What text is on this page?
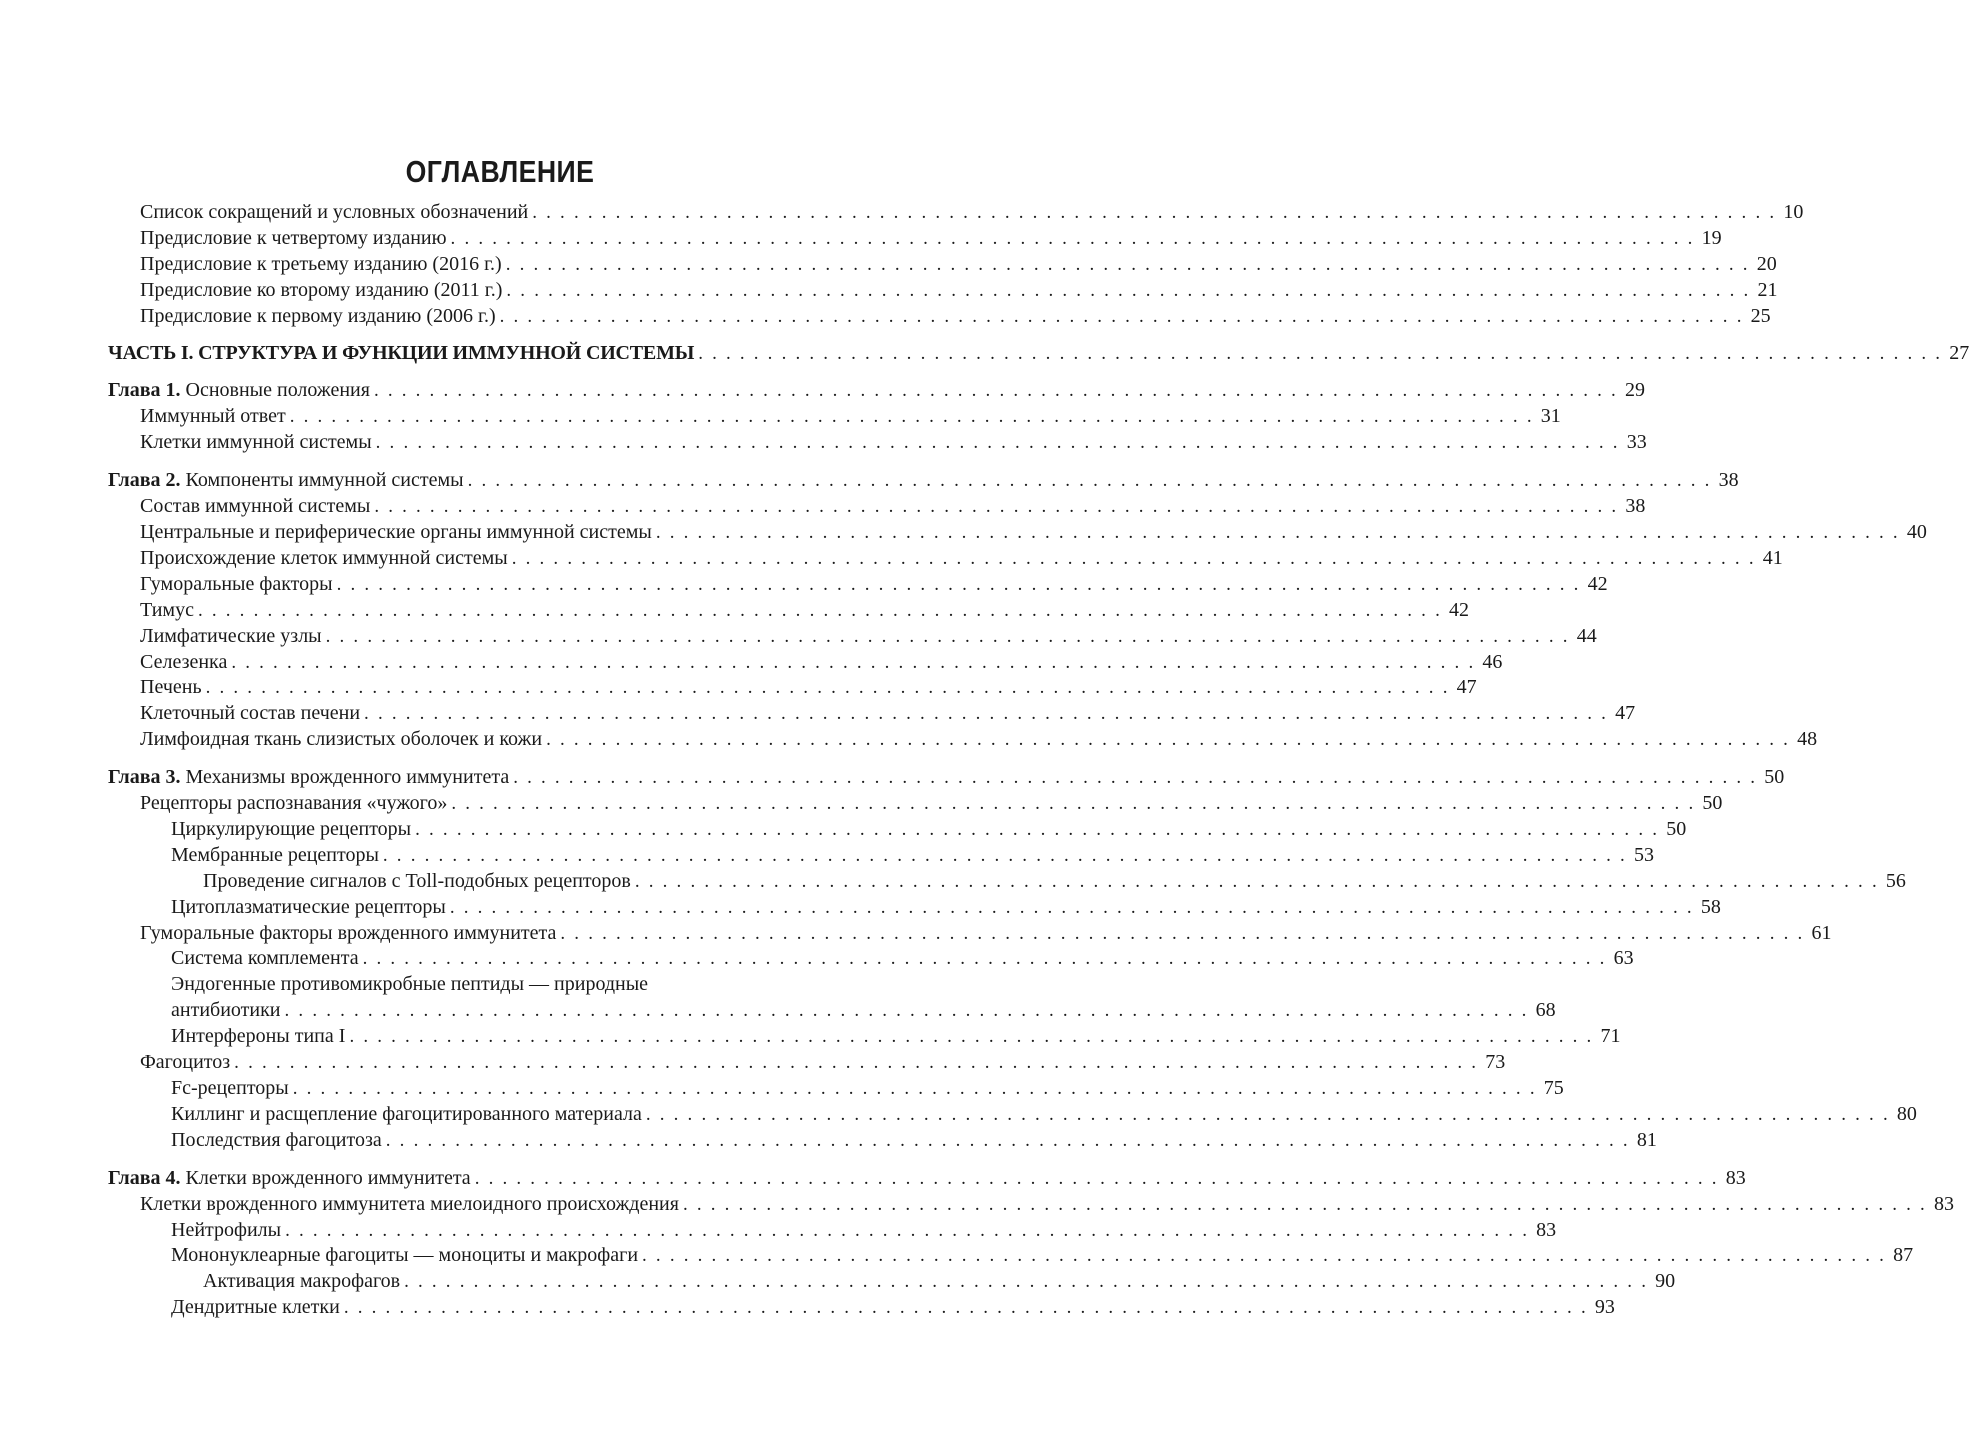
ОГЛАВЛЕНИЕ
Список сокращений и условных обозначений . . . . . . . . . . . . . . . . . . . . . . . . . . . . . . . . . . . . . . . . . . . . . . . . . . . . . . . . . . . . . . . . . . . . . . . . . . . . . . . . . . . . . . . . . . 10
Предисловие к четвертому изданию . . . . . . . . . . . . . . . . . . . . . . . . . . . . . . . . . . . . . . . . . . . . . . . . . . . . . . . . . . . . . . . . . . . . . . . . . . . . . . . . . . . . . . . . . . 19
Предисловие к третьему изданию (2016 г.) . . . . . . . . . . . . . . . . . . . . . . . . . . . . . . . . . . . . . . . . . . . . . . . . . . . . . . . . . . . . . . . . . . . . . . . . . . . . . . . . . . . . . . . . . . 20
Предисловие ко второму изданию (2011 г.) . . . . . . . . . . . . . . . . . . . . . . . . . . . . . . . . . . . . . . . . . . . . . . . . . . . . . . . . . . . . . . . . . . . . . . . . . . . . . . . . . . . . . . . . . . 21
Предисловие к первому изданию (2006 г.) . . . . . . . . . . . . . . . . . . . . . . . . . . . . . . . . . . . . . . . . . . . . . . . . . . . . . . . . . . . . . . . . . . . . . . . . . . . . . . . . . . . . . . . . . . 25
ЧАСТЬ I. СТРУКТУРА И ФУНКЦИИ ИММУННОЙ СИСТЕМЫ . . . . . . . . . . . . . . . . . . . . . . . . . . . . . . . . . . . . . . . . . . . . . . . . . . . . . . . . . . . . . . . . . . . . . . . . . . . . . . . . . . . . . . . . . . 27
Глава 1. Основные положения . . . . . . . . . . . . . . . . . . . . . . . . . . . . . . . . . . . . . . . . . . . . . . . . . . . . . . . . . . . . . . . . . . . . . . . . . . . . . . . . . . . . . . . . . . 29
Иммунный ответ . . . . . . . . . . . . . . . . . . . . . . . . . . . . . . . . . . . . . . . . . . . . . . . . . . . . . . . . . . . . . . . . . . . . . . . . . . . . . . . . . . . . . . . . . . 31
Клетки иммунной системы . . . . . . . . . . . . . . . . . . . . . . . . . . . . . . . . . . . . . . . . . . . . . . . . . . . . . . . . . . . . . . . . . . . . . . . . . . . . . . . . . . . . . . . . . . 33
Глава 2. Компоненты иммунной системы . . . . . . . . . . . . . . . . . . . . . . . . . . . . . . . . . . . . . . . . . . . . . . . . . . . . . . . . . . . . . . . . . . . . . . . . . . . . . . . . . . . . . . . . . . 38
Состав иммунной системы . . . . . . . . . . . . . . . . . . . . . . . . . . . . . . . . . . . . . . . . . . . . . . . . . . . . . . . . . . . . . . . . . . . . . . . . . . . . . . . . . . . . . . . . . . 38
Центральные и периферические органы иммунной системы . . . . . . . . . . . . . . . . . . . . . . . . . . . . . . . . . . . . . . . . . . . . . . . . . . . . . . . . . . . . . . . . . . . . . . . . . . . . . . . . . . . . . . . . . . 40
Происхождение клеток иммунной системы . . . . . . . . . . . . . . . . . . . . . . . . . . . . . . . . . . . . . . . . . . . . . . . . . . . . . . . . . . . . . . . . . . . . . . . . . . . . . . . . . . . . . . . . . . 41
Гуморальные факторы . . . . . . . . . . . . . . . . . . . . . . . . . . . . . . . . . . . . . . . . . . . . . . . . . . . . . . . . . . . . . . . . . . . . . . . . . . . . . . . . . . . . . . . . . . 42
Тимус . . . . . . . . . . . . . . . . . . . . . . . . . . . . . . . . . . . . . . . . . . . . . . . . . . . . . . . . . . . . . . . . . . . . . . . . . . . . . . . . . . . . . . . . . . 42
Лимфатические узлы . . . . . . . . . . . . . . . . . . . . . . . . . . . . . . . . . . . . . . . . . . . . . . . . . . . . . . . . . . . . . . . . . . . . . . . . . . . . . . . . . . . . . . . . . . 44
Селезенка . . . . . . . . . . . . . . . . . . . . . . . . . . . . . . . . . . . . . . . . . . . . . . . . . . . . . . . . . . . . . . . . . . . . . . . . . . . . . . . . . . . . . . . . . . 46
Печень . . . . . . . . . . . . . . . . . . . . . . . . . . . . . . . . . . . . . . . . . . . . . . . . . . . . . . . . . . . . . . . . . . . . . . . . . . . . . . . . . . . . . . . . . . 47
Клеточный состав печени . . . . . . . . . . . . . . . . . . . . . . . . . . . . . . . . . . . . . . . . . . . . . . . . . . . . . . . . . . . . . . . . . . . . . . . . . . . . . . . . . . . . . . . . . . 47
Лимфоидная ткань слизистых оболочек и кожи . . . . . . . . . . . . . . . . . . . . . . . . . . . . . . . . . . . . . . . . . . . . . . . . . . . . . . . . . . . . . . . . . . . . . . . . . . . . . . . . . . . . . . . . . . 48
Глава 3. Механизмы врожденного иммунитета . . . . . . . . . . . . . . . . . . . . . . . . . . . . . . . . . . . . . . . . . . . . . . . . . . . . . . . . . . . . . . . . . . . . . . . . . . . . . . . . . . . . . . . . . . 50
Рецепторы распознавания «чужого» . . . . . . . . . . . . . . . . . . . . . . . . . . . . . . . . . . . . . . . . . . . . . . . . . . . . . . . . . . . . . . . . . . . . . . . . . . . . . . . . . . . . . . . . . . 50
Циркулирующие рецепторы . . . . . . . . . . . . . . . . . . . . . . . . . . . . . . . . . . . . . . . . . . . . . . . . . . . . . . . . . . . . . . . . . . . . . . . . . . . . . . . . . . . . . . . . . . 50
Мембранные рецепторы . . . . . . . . . . . . . . . . . . . . . . . . . . . . . . . . . . . . . . . . . . . . . . . . . . . . . . . . . . . . . . . . . . . . . . . . . . . . . . . . . . . . . . . . . . 53
Проведение сигналов с Toll-подобных рецепторов . . . . . . . . . . . . . . . . . . . . . . . . . . . . . . . . . . . . . . . . . . . . . . . . . . . . . . . . . . . . . . . . . . . . . . . . . . . . . . . . . . . . . . . . . . 56
Цитоплазматические рецепторы . . . . . . . . . . . . . . . . . . . . . . . . . . . . . . . . . . . . . . . . . . . . . . . . . . . . . . . . . . . . . . . . . . . . . . . . . . . . . . . . . . . . . . . . . . 58
Гуморальные факторы врожденного иммунитета . . . . . . . . . . . . . . . . . . . . . . . . . . . . . . . . . . . . . . . . . . . . . . . . . . . . . . . . . . . . . . . . . . . . . . . . . . . . . . . . . . . . . . . . . . 61
Система комплемента . . . . . . . . . . . . . . . . . . . . . . . . . . . . . . . . . . . . . . . . . . . . . . . . . . . . . . . . . . . . . . . . . . . . . . . . . . . . . . . . . . . . . . . . . . 63
Эндогенные противомикробные пептиды — природные
антибиотики . . . . . . . . . . . . . . . . . . . . . . . . . . . . . . . . . . . . . . . . . . . . . . . . . . . . . . . . . . . . . . . . . . . . . . . . . . . . . . . . . . . . . . . . . . 68
Интерфероны типа I . . . . . . . . . . . . . . . . . . . . . . . . . . . . . . . . . . . . . . . . . . . . . . . . . . . . . . . . . . . . . . . . . . . . . . . . . . . . . . . . . . . . . . . . . . 71
Фагоцитоз . . . . . . . . . . . . . . . . . . . . . . . . . . . . . . . . . . . . . . . . . . . . . . . . . . . . . . . . . . . . . . . . . . . . . . . . . . . . . . . . . . . . . . . . . . 73
Fc-рецепторы . . . . . . . . . . . . . . . . . . . . . . . . . . . . . . . . . . . . . . . . . . . . . . . . . . . . . . . . . . . . . . . . . . . . . . . . . . . . . . . . . . . . . . . . . . 75
Киллинг и расщепление фагоцитированного материала . . . . . . . . . . . . . . . . . . . . . . . . . . . . . . . . . . . . . . . . . . . . . . . . . . . . . . . . . . . . . . . . . . . . . . . . . . . . . . . . . . . . . . . . . . 80
Последствия фагоцитоза . . . . . . . . . . . . . . . . . . . . . . . . . . . . . . . . . . . . . . . . . . . . . . . . . . . . . . . . . . . . . . . . . . . . . . . . . . . . . . . . . . . . . . . . . . 81
Глава 4. Клетки врожденного иммунитета . . . . . . . . . . . . . . . . . . . . . . . . . . . . . . . . . . . . . . . . . . . . . . . . . . . . . . . . . . . . . . . . . . . . . . . . . . . . . . . . . . . . . . . . . . 83
Клетки врожденного иммунитета миелоидного происхождения . . . . . . . . . . . . . . . . . . . . . . . . . . . . . . . . . . . . . . . . . . . . . . . . . . . . . . . . . . . . . . . . . . . . . . . . . . . . . . . . . . . . . . . . . . 83
Нейтрофилы . . . . . . . . . . . . . . . . . . . . . . . . . . . . . . . . . . . . . . . . . . . . . . . . . . . . . . . . . . . . . . . . . . . . . . . . . . . . . . . . . . . . . . . . . . 83
Мононуклеарные фагоциты — моноциты и макрофаги . . . . . . . . . . . . . . . . . . . . . . . . . . . . . . . . . . . . . . . . . . . . . . . . . . . . . . . . . . . . . . . . . . . . . . . . . . . . . . . . . . . . . . . . . . 87
Активация макрофагов . . . . . . . . . . . . . . . . . . . . . . . . . . . . . . . . . . . . . . . . . . . . . . . . . . . . . . . . . . . . . . . . . . . . . . . . . . . . . . . . . . . . . . . . . . 90
Дендритные клетки . . . . . . . . . . . . . . . . . . . . . . . . . . . . . . . . . . . . . . . . . . . . . . . . . . . . . . . . . . . . . . . . . . . . . . . . . . . . . . . . . . . . . . . . . . 93
